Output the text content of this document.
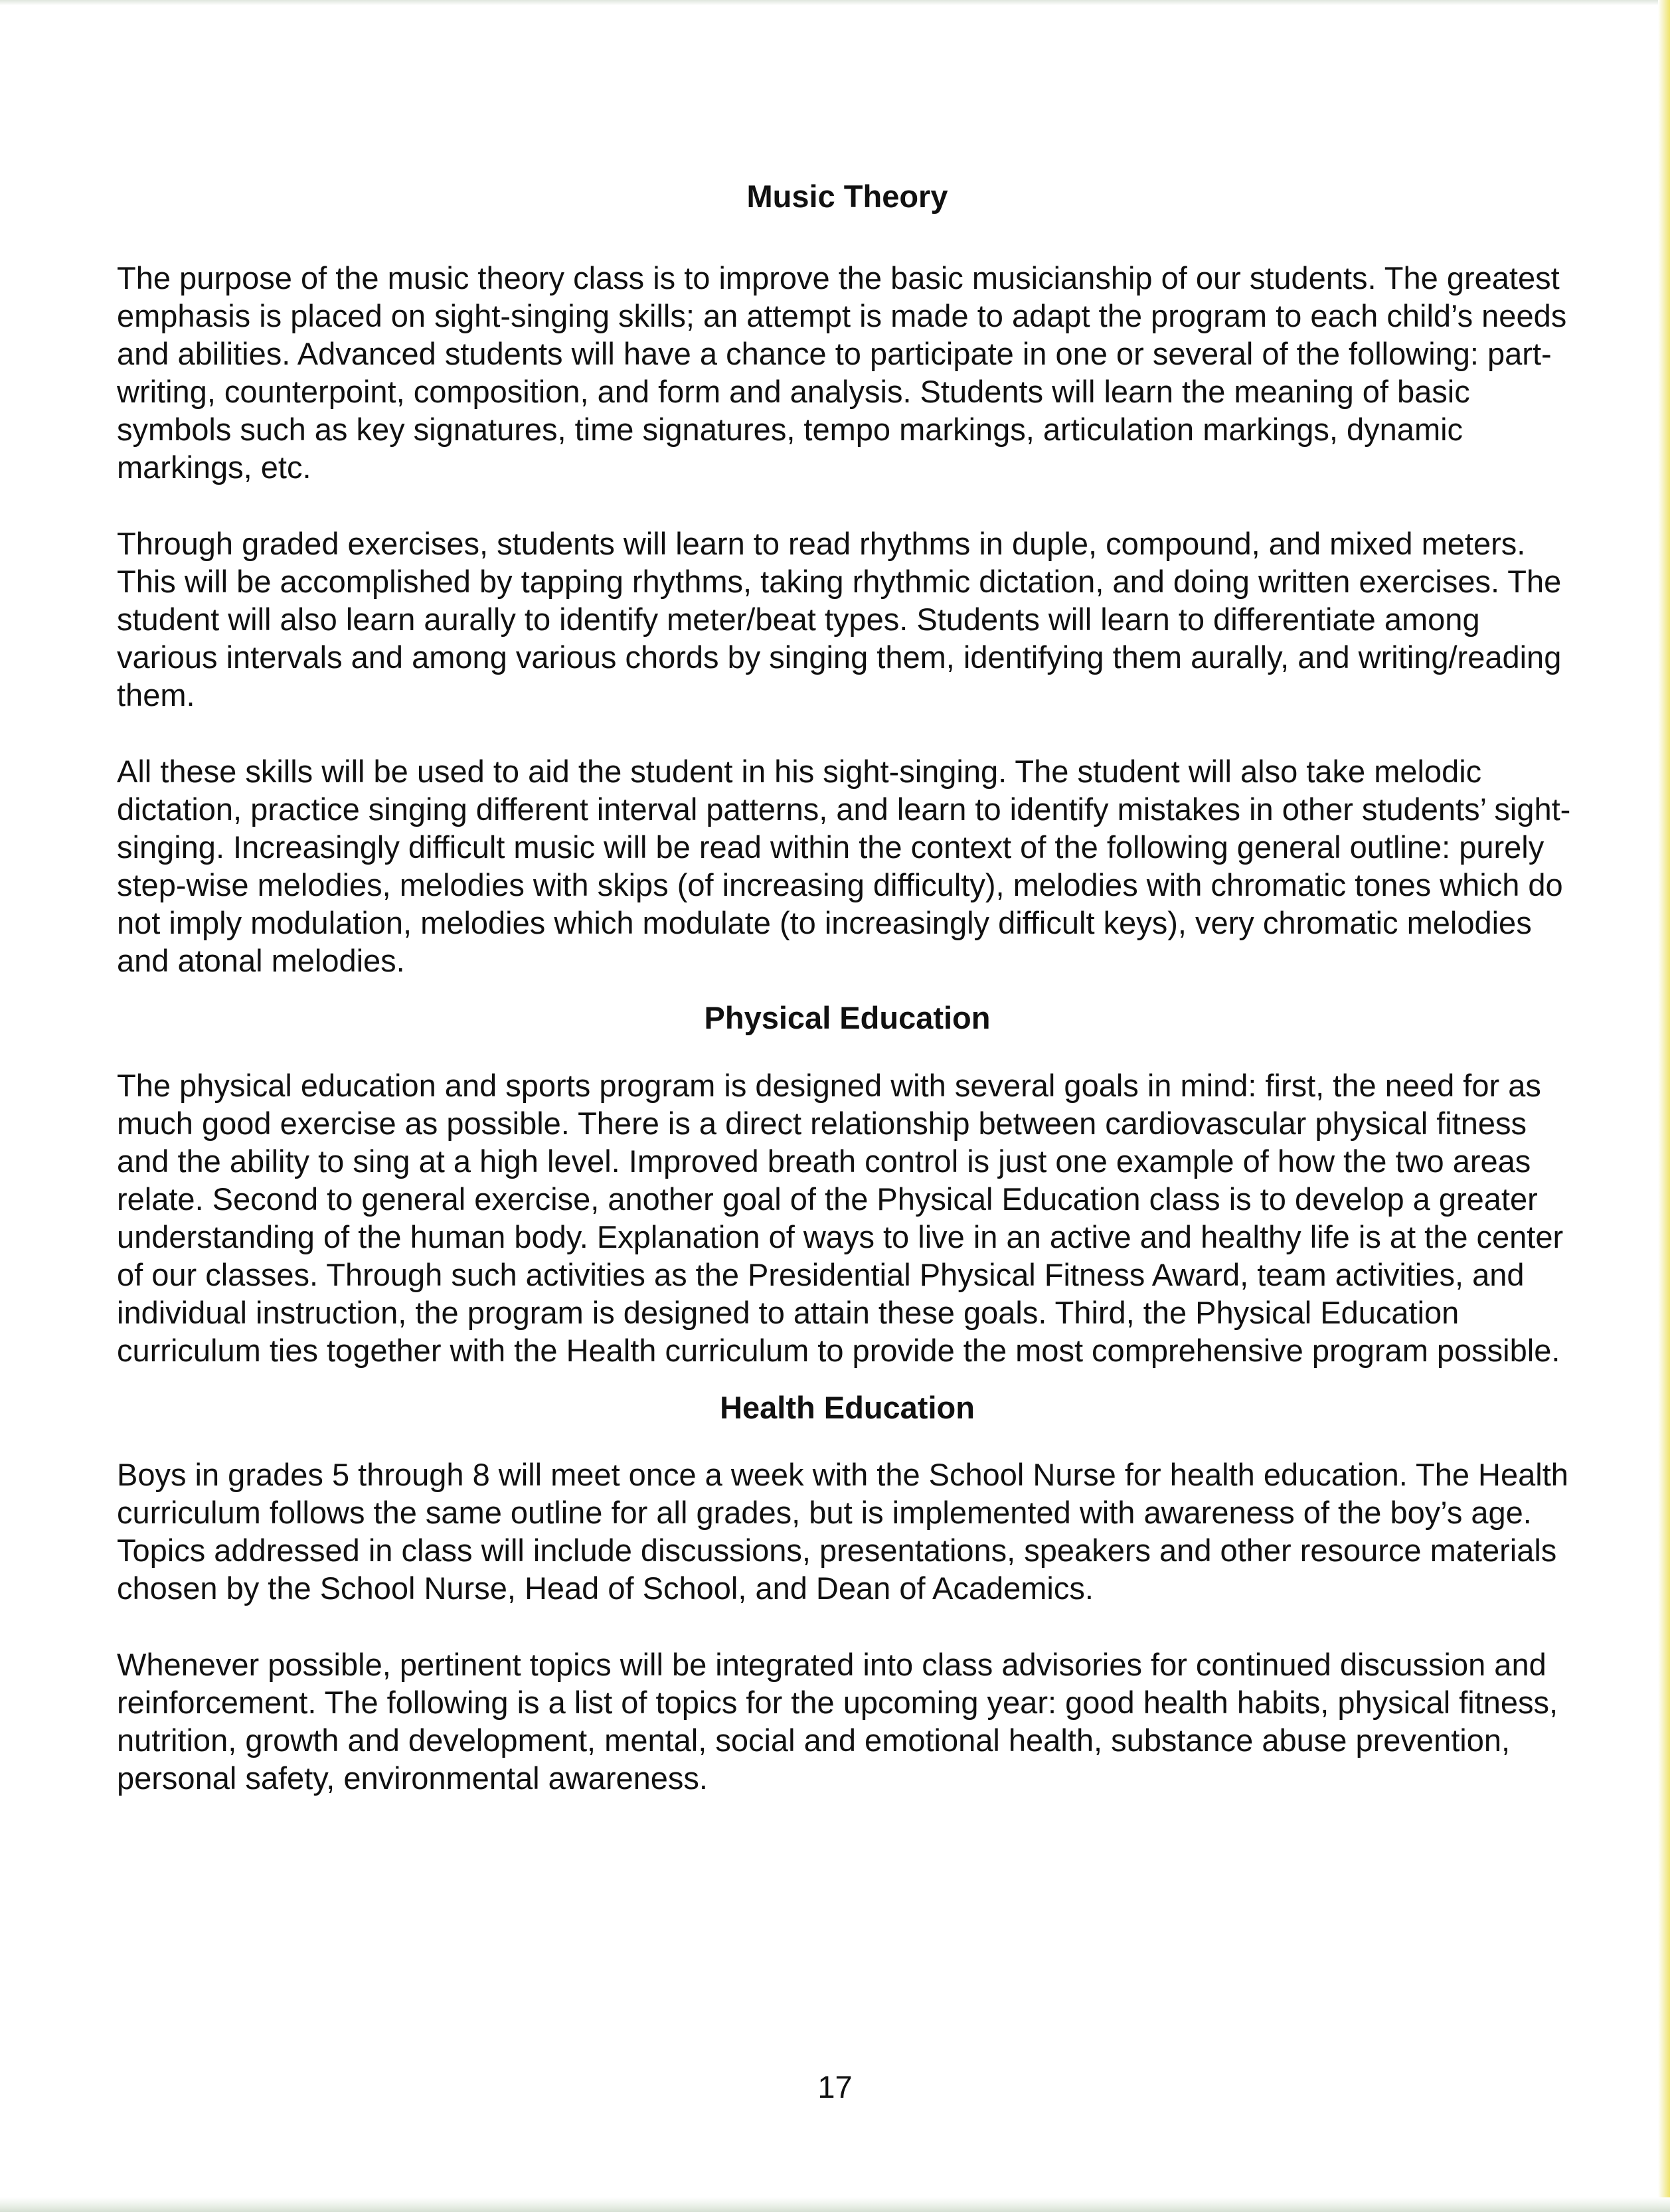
Music Theory

The purpose of the music theory class is to improve the basic musicianship of our students. The greatest emphasis is placed on sight-singing skills; an attempt is made to adapt the program to each child’s needs and abilities. Advanced students will have a chance to participate in one or several of the following: part-writing, counterpoint, composition, and form and analysis. Students will learn the meaning of basic symbols such as key signatures, time signatures, tempo markings, articulation markings, dynamic markings, etc.

Through graded exercises, students will learn to read rhythms in duple, compound, and mixed meters. This will be accomplished by tapping rhythms, taking rhythmic dictation, and doing written exercises. The student will also learn aurally to identify meter/beat types. Students will learn to differentiate among various intervals and among various chords by singing them, identifying them aurally, and writing/reading them.

All these skills will be used to aid the student in his sight-singing. The student will also take melodic dictation, practice singing different interval patterns, and learn to identify mistakes in other students’ sight-singing. Increasingly difficult music will be read within the context of the following general outline: purely step-wise melodies, melodies with skips (of increasing difficulty), melodies with chromatic tones which do not imply modulation, melodies which modulate (to increasingly difficult keys), very chromatic melodies and atonal melodies.

Physical Education

The physical education and sports program is designed with several goals in mind: first, the need for as much good exercise as possible. There is a direct relationship between cardiovascular physical fitness and the ability to sing at a high level. Improved breath control is just one example of how the two areas relate. Second to general exercise, another goal of the Physical Education class is to develop a greater understanding of the human body. Explanation of ways to live in an active and healthy life is at the center of our classes. Through such activities as the Presidential Physical Fitness Award, team activities, and individual instruction, the program is designed to attain these goals. Third, the Physical Education curriculum ties together with the Health curriculum to provide the most comprehensive program possible.

Health Education

Boys in grades 5 through 8 will meet once a week with the School Nurse for health education. The Health curriculum follows the same outline for all grades, but is implemented with awareness of the boy’s age. Topics addressed in class will include discussions, presentations, speakers and other resource materials chosen by the School Nurse, Head of School, and Dean of Academics.

Whenever possible, pertinent topics will be integrated into class advisories for continued discussion and reinforcement. The following is a list of topics for the upcoming year: good health habits, physical fitness, nutrition, growth and development, mental, social and emotional health, substance abuse prevention, personal safety, environmental awareness.

17
